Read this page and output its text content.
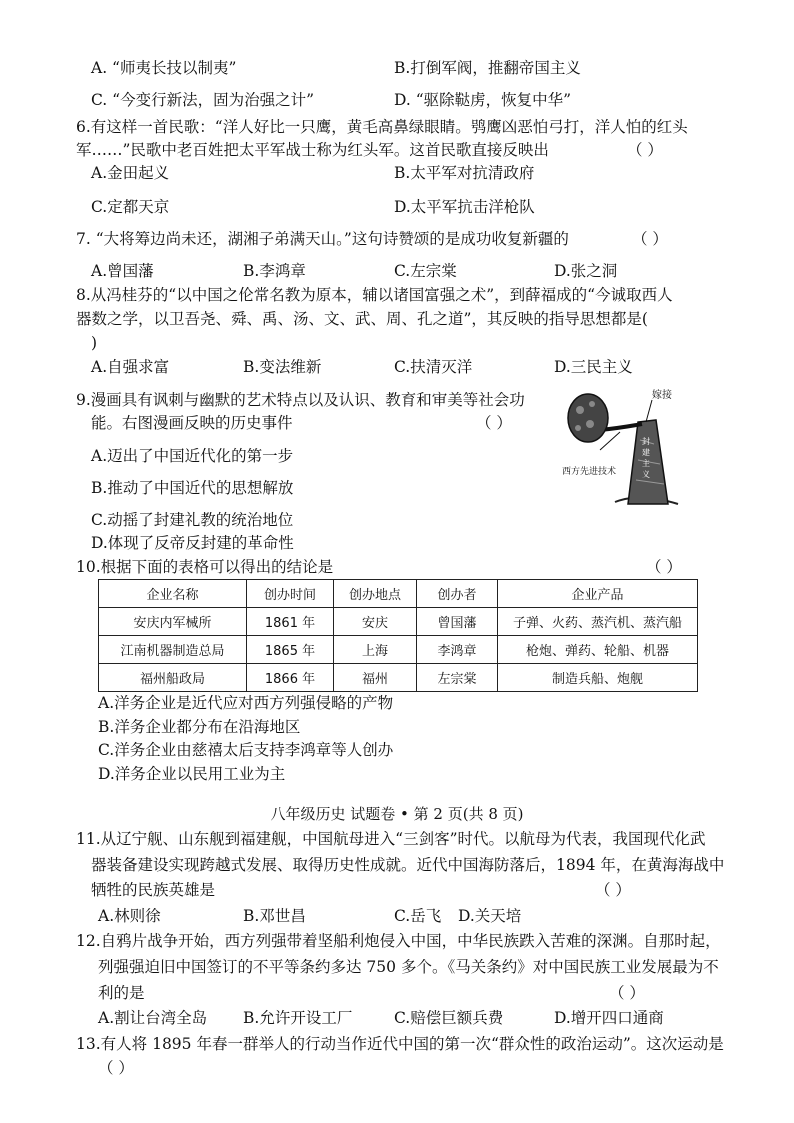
A. “师夷长技以制夷”	B.打倒军阀，推翻帝国主义
C. “今变行新法，固为治强之计”	D. “驱除鞑虏，恢复中华”
6.有这样一首民歌：“洋人好比一只鹰，黄毛高鼻绿眼睛。鸮鹰凶恶怕弓打，洋人怕的红头
军……”民歌中老百姓把太平军战士称为红头军。这首民歌直接反映出	（ ）
A.金田起义	B.太平军对抗清政府
C.定都天京	D.太平军抗击洋枪队
7. “大将筹边尚未还，湖湘子弟满天山。”这句诗赞颂的是成功收复新疆的	（ ）
A.曾国藩	B.李鸿章	C.左宗棠	D.张之洞
8.从冯桂芬的“以中国之伦常名教为原本，辅以诸国富强之术”，到薛福成的“今诚取西人
器数之学，以卫吾尧、舜、禹、汤、文、武、周、孔之道”，其反映的指导思想都是(
)
A.自强求富	B.变法维新	C.扶清灭洋	D.三民主义
9.漫画具有讽刺与幽默的艺术特点以及认识、教育和审美等社会功
能。右图漫画反映的历史事件	（ ）
A.迈出了中国近代化的第一步
B.推动了中国近代的思想解放
C.动摇了封建礼教的统治地位
D.体现了反帝反封建的革命性
嫁接
西方先进技术
封建主义
10.根据下面的表格可以得出的结论是	（ ）
企业名称	创办时间	创办地点	创办者	企业产品
安庆内军械所	1861 年	安庆	曾国藩	子弹、火药、蒸汽机、蒸汽船
江南机器制造总局	1865 年	上海	李鸿章	枪炮、弹药、轮船、机器
福州船政局	1866 年	福州	左宗棠	制造兵船、炮舰
A.洋务企业是近代应对西方列强侵略的产物
B.洋务企业都分布在沿海地区
C.洋务企业由慈禧太后支持李鸿章等人创办
D.洋务企业以民用工业为主
八年级历史 试题卷 • 第 2 页(共 8 页)
11.从辽宁舰、山东舰到福建舰，中国航母进入“三剑客”时代。以航母为代表，我国现代化武
器装备建设实现跨越式发展、取得历史性成就。近代中国海防落后，1894 年，在黄海海战中
牺牲的民族英雄是	（ ）
A.林则徐	B.邓世昌	C.岳飞 D.关天培
12.自鸦片战争开始，西方列强带着坚船利炮侵入中国，中华民族跌入苦难的深渊。自那时起，
列强强迫旧中国签订的不平等条约多达 750 多个。《马关条约》对中国民族工业发展最为不
利的是	（ ）
A.割让台湾全岛 B.允许开设工厂	C.赔偿巨额兵费	D.增开四口通商
13.有人将 1895 年春一群举人的行动当作近代中国的第一次“群众性的政治运动”。这次运动是
（ ）
